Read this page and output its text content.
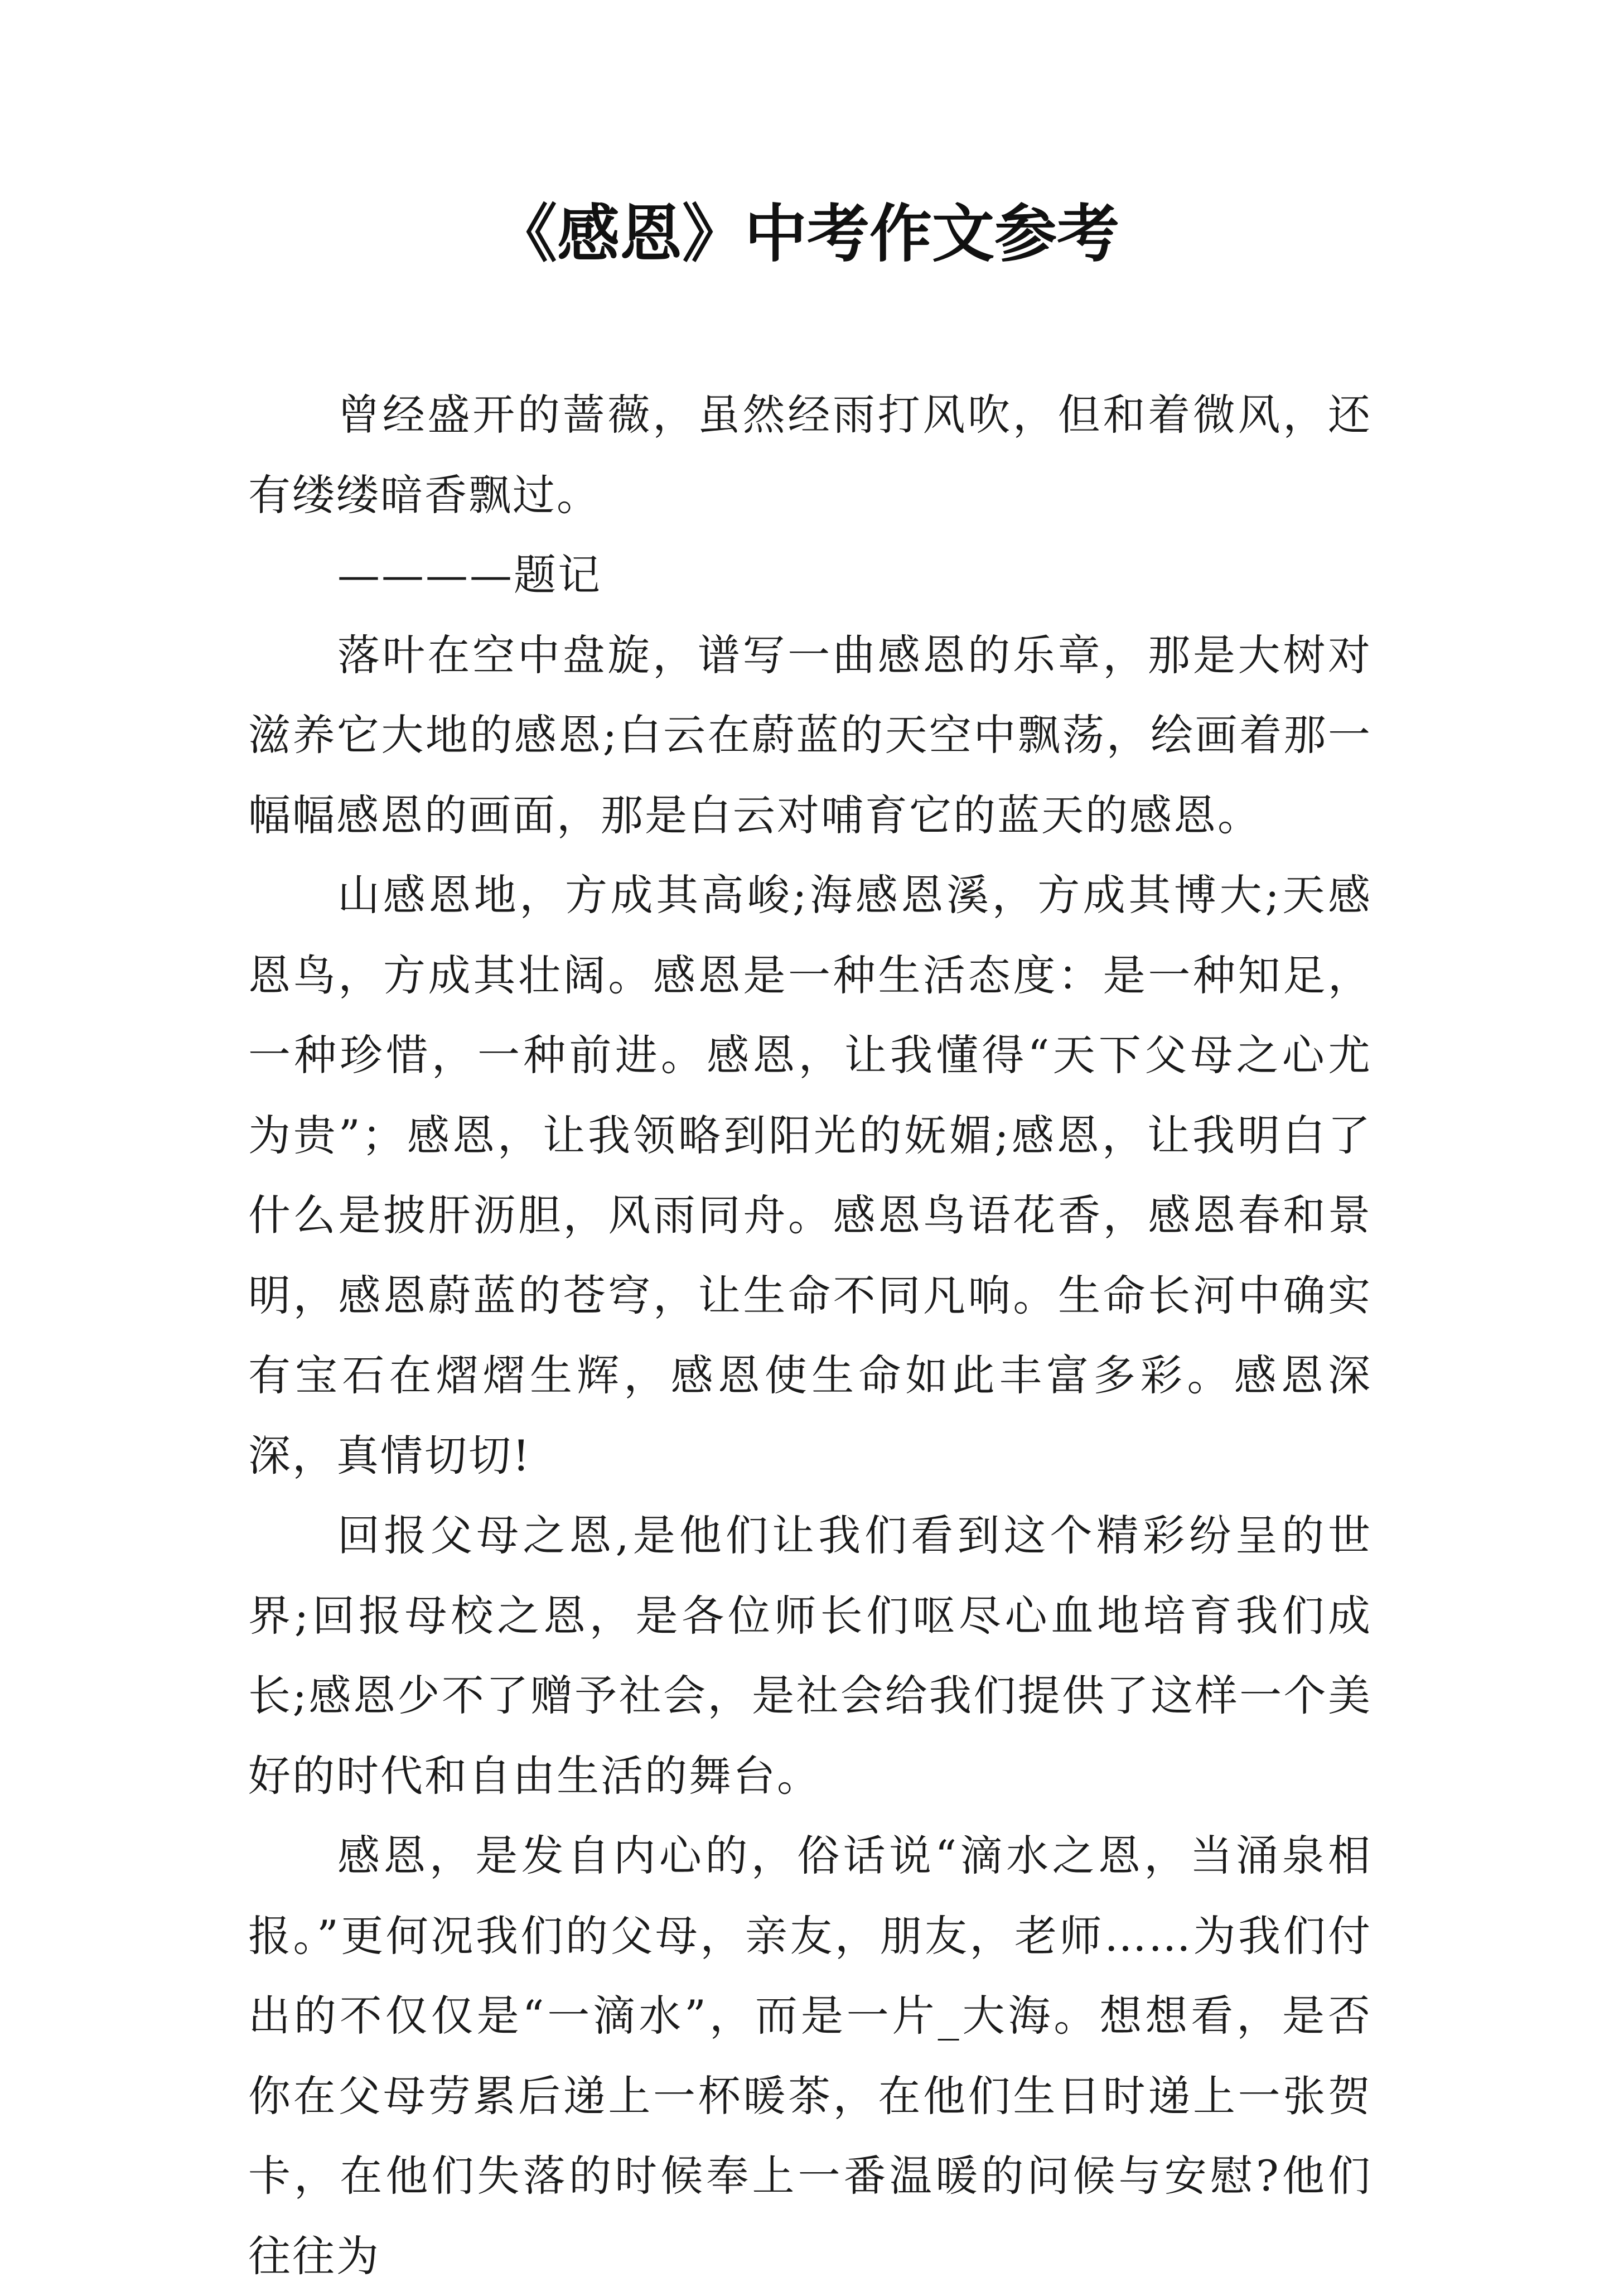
《感恩》中考作文参考

曾经盛开的蔷薇，虽然经雨打风吹，但和着微风，还有缕缕暗香飘过。

————题记

落叶在空中盘旋，谱写一曲感恩的乐章，那是大树对滋养它大地的感恩;白云在蔚蓝的天空中飘荡，绘画着那一幅幅感恩的画面，那是白云对哺育它的蓝天的感恩。

山感恩地，方成其高峻;海感恩溪，方成其博大;天感恩鸟，方成其壮阔。感恩是一种生活态度：是一种知足，一种珍惜，一种前进。感恩，让我懂得“天下父母之心尤为贵”；感恩，让我领略到阳光的妩媚;感恩，让我明白了什么是披肝沥胆，风雨同舟。感恩鸟语花香，感恩春和景明，感恩蔚蓝的苍穹，让生命不同凡响。生命长河中确实有宝石在熠熠生辉，感恩使生命如此丰富多彩。感恩深深，真情切切!

回报父母之恩,是他们让我们看到这个精彩纷呈的世界;回报母校之恩，是各位师长们呕尽心血地培育我们成长;感恩少不了赠予社会，是社会给我们提供了这样一个美好的时代和自由生活的舞台。

感恩，是发自内心的，俗话说“滴水之恩，当涌泉相报。”更何况我们的父母，亲友，朋友，老师……为我们付出的不仅仅是“一滴水”，而是一片_大海。想想看，是否你在父母劳累后递上一杯暖茶，在他们生日时递上一张贺卡，在他们失落的时候奉上一番温暖的问候与安慰?他们往往为
